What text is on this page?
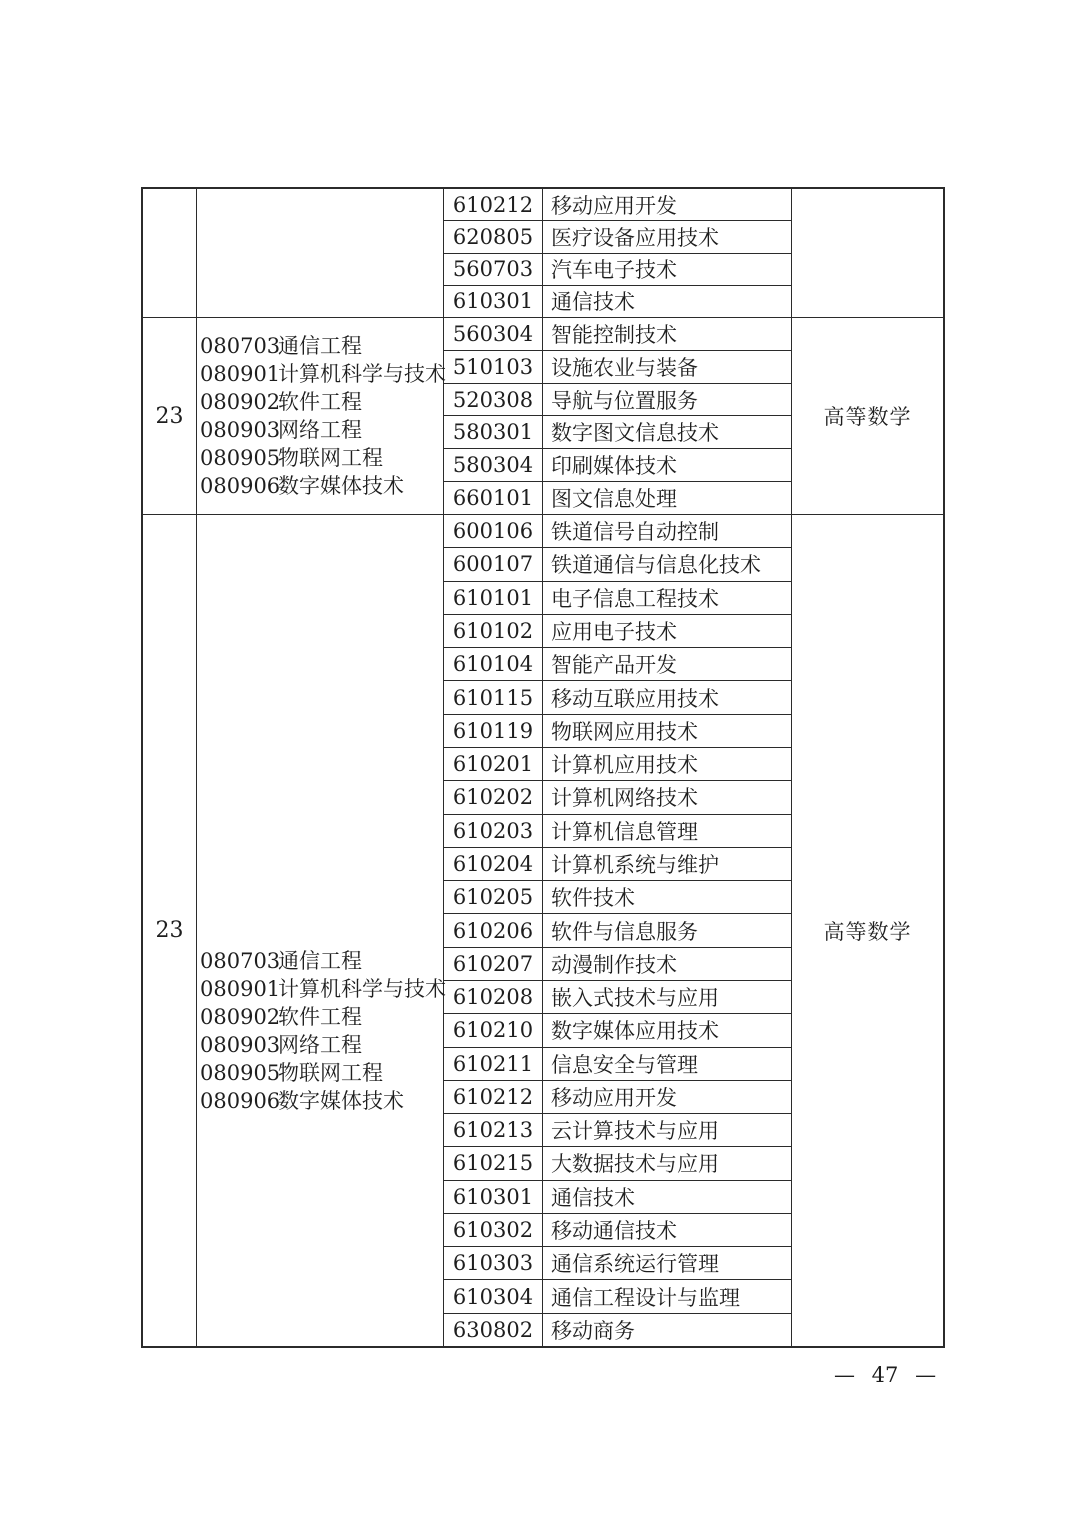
610212 移动应用开发
620805 医疗设备应用技术
560703 汽车电子技术
610301 通信技术
23
080703通信工程
080901计算机科学与技术
080902软件工程
080903网络工程
080905物联网工程
080906数字媒体技术
560304 智能控制技术
510103 设施农业与装备
520308 导航与位置服务
580301 数字图文信息技术
580304 印刷媒体技术
660101 图文信息处理
高等数学
23
080703通信工程
080901计算机科学与技术
080902软件工程
080903网络工程
080905物联网工程
080906数字媒体技术
600106 铁道信号自动控制
600107 铁道通信与信息化技术
610101 电子信息工程技术
610102 应用电子技术
610104 智能产品开发
610115 移动互联应用技术
610119 物联网应用技术
610201 计算机应用技术
610202 计算机网络技术
610203 计算机信息管理
610204 计算机系统与维护
610205 软件技术
610206 软件与信息服务
610207 动漫制作技术
610208 嵌入式技术与应用
610210 数字媒体应用技术
610211 信息安全与管理
610212 移动应用开发
610213 云计算技术与应用
610215 大数据技术与应用
610301 通信技术
610302 移动通信技术
610303 通信系统运行管理
610304 通信工程设计与监理
630802 移动商务
高等数学
— 47 —
